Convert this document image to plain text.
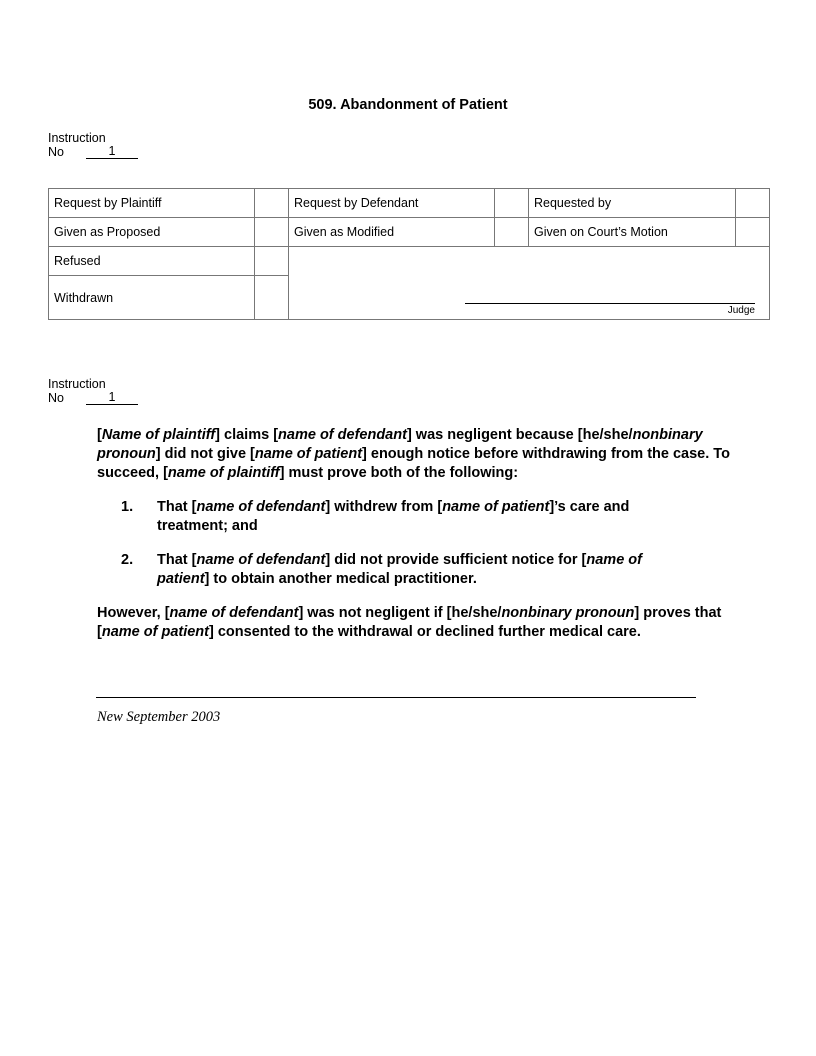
509. Abandonment of Patient
Instruction
No	1
Request by Plaintiff		Request by Defendant		Requested by	
Given as Proposed		Given as Modified		Given on Court’s Motion	
Refused		Judge			

Withdrawn					
Instruction
No	1

[Name of plaintiff] claims [name of defendant] was negligent because [he/she/nonbinary pronoun] did not give [name of patient] enough notice before withdrawing from the case. To succeed, [name of plaintiff] must prove both of the following:

1.	That [name of defendant] withdrew from [name of patient]’s care and treatment; and
2.	That [name of defendant] did not provide sufficient notice for [name of patient] to obtain another medical practitioner.

However, [name of defendant] was not negligent if [he/she/nonbinary pronoun] proves that [name of patient] consented to the withdrawal or declined further medical care.

New September 2003
